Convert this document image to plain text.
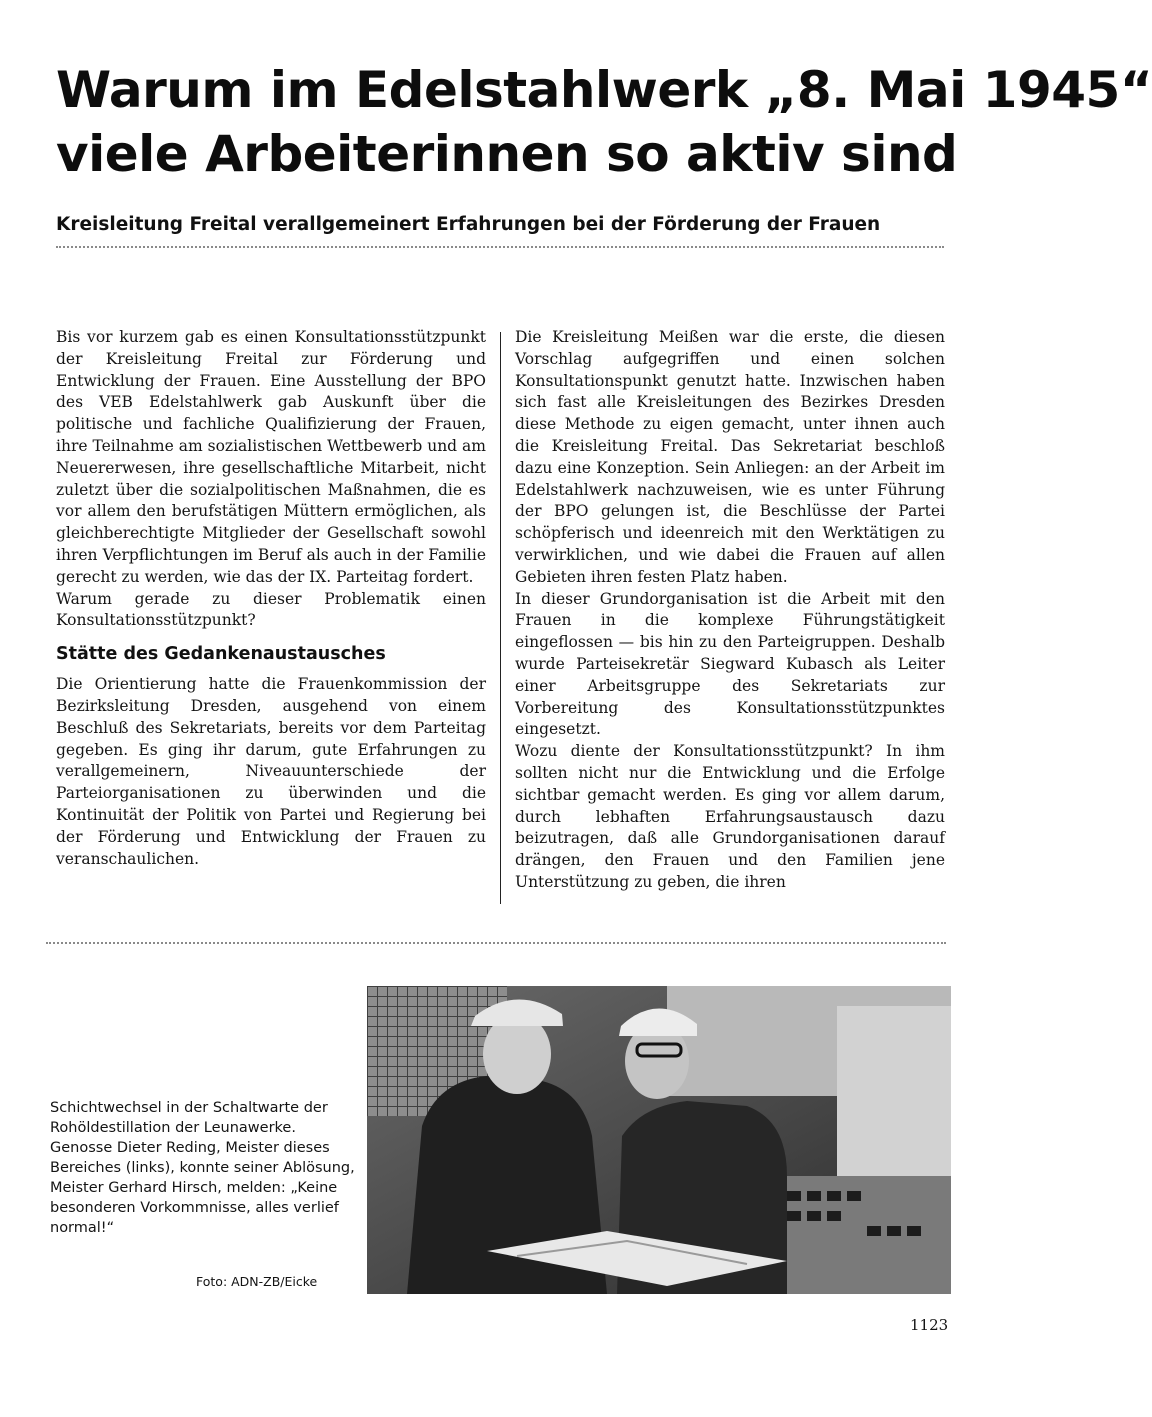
Warum im Edelstahlwerk „8. Mai 1945“
viele Arbeiterinnen so aktiv sind
Kreisleitung Freital verallgemeinert Erfahrungen bei der Förderung der Frauen

Bis vor kurzem gab es einen Konsultationsstützpunkt der Kreisleitung Freital zur Förderung und Entwicklung der Frauen. Eine Ausstellung der BPO des VEB Edelstahlwerk gab Auskunft über die politische und fachliche Qualifizierung der Frauen, ihre Teilnahme am sozialistischen Wettbewerb und am Neuererwesen, ihre gesellschaftliche Mitarbeit, nicht zuletzt über die sozialpolitischen Maßnahmen, die es vor allem den berufstätigen Müttern ermöglichen, als gleichberechtigte Mitglieder der Gesellschaft sowohl ihren Verpflichtungen im Beruf als auch in der Familie gerecht zu werden, wie das der IX. Parteitag fordert.

Warum gerade zu dieser Problematik einen Konsultationsstützpunkt?

Stätte des Gedankenaustausches

Die Orientierung hatte die Frauenkommission der Bezirksleitung Dresden, ausgehend von einem Beschluß des Sekretariats, bereits vor dem Parteitag gegeben. Es ging ihr darum, gute Erfahrungen zu verallgemeinern, Niveauunterschiede der Parteiorganisationen zu überwinden und die Kontinuität der Politik von Partei und Regierung bei der Förderung und Entwicklung der Frauen zu veranschaulichen.

Die Kreisleitung Meißen war die erste, die diesen Vorschlag aufgegriffen und einen solchen Konsultationspunkt genutzt hatte. Inzwischen haben sich fast alle Kreisleitungen des Bezirkes Dresden diese Methode zu eigen gemacht, unter ihnen auch die Kreisleitung Freital. Das Sekretariat beschloß dazu eine Konzeption. Sein Anliegen: an der Arbeit im Edelstahlwerk nachzuweisen, wie es unter Führung der BPO gelungen ist, die Beschlüsse der Partei schöpferisch und ideenreich mit den Werktätigen zu verwirklichen, und wie dabei die Frauen auf allen Gebieten ihren festen Platz haben.

In dieser Grundorganisation ist die Arbeit mit den Frauen in die komplexe Führungstätigkeit eingeflossen — bis hin zu den Parteigruppen. Deshalb wurde Parteisekretär Siegward Kubasch als Leiter einer Arbeitsgruppe des Sekretariats zur Vorbereitung des Konsultationsstützpunktes eingesetzt.

Wozu diente der Konsultationsstützpunkt? In ihm sollten nicht nur die Entwicklung und die Erfolge sichtbar gemacht werden. Es ging vor allem darum, durch lebhaften Erfahrungsaustausch dazu beizutragen, daß alle Grundorganisationen darauf drängen, den Frauen und den Familien jene Unterstützung zu geben, die ihren

Schichtwechsel in der Schaltwarte der Rohöldestillation der Leunawerke. Genosse Dieter Reding, Meister dieses Bereiches (links), konnte seiner Ablösung, Meister Gerhard Hirsch, melden: „Keine besonderen Vorkommnisse, alles verlief normal!“

Foto: ADN-ZB/Eicke
1123
